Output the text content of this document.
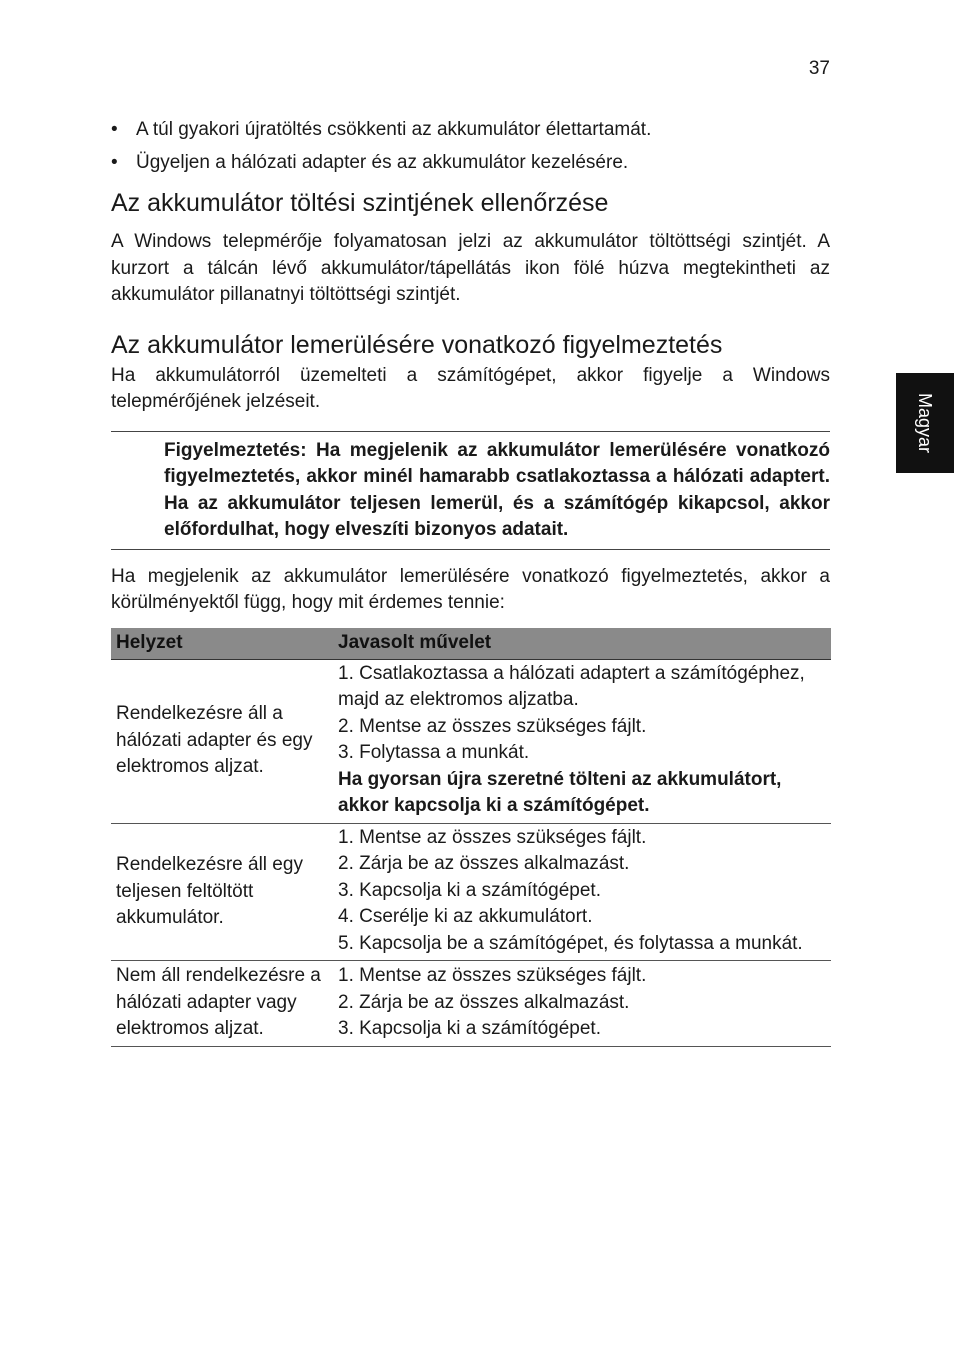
37
Magyar
• A túl gyakori újratöltés csökkenti az akkumulátor élettartamát.
• Ügyeljen a hálózati adapter és az akkumulátor kezelésére.
Az akkumulátor töltési szintjének ellenőrzése

A Windows telepmérője folyamatosan jelzi az akkumulátor töltöttségi szintjét. A kurzort a tálcán lévő akkumulátor/tápellátás ikon fölé húzva megtekintheti az akkumulátor pillanatnyi töltöttségi szintjét.

Az akkumulátor lemerülésére vonatkozó figyelmeztetés

Ha akkumulátorról üzemelteti a számítógépet, akkor figyelje a Windows telepmérőjének jelzéseit.

Figyelmeztetés: Ha megjelenik az akkumulátor lemerülésére vonatkozó figyelmeztetés, akkor minél hamarabb csatlakoztassa a hálózati adaptert. Ha az akkumulátor teljesen lemerül, és a számítógép kikapcsol, akkor előfordulhat, hogy elveszíti bizonyos adatait.

Ha megjelenik az akkumulátor lemerülésére vonatkozó figyelmeztetés, akkor a körülményektől függ, hogy mit érdemes tennie:

Helyzet	Javasolt művelet
Rendelkezésre áll a hálózati adapter és egy elektromos aljzat.	1. Csatlakoztassa a hálózati adaptert a számítógéphez, majd az elektromos aljzatba.
2. Mentse az összes szükséges fájlt.
3. Folytassa a munkát.
Ha gyorsan újra szeretné tölteni az akkumulátort, akkor kapcsolja ki a számítógépet.

Rendelkezésre áll egy teljesen feltöltött akkumulátor.	1. Mentse az összes szükséges fájlt.
2. Zárja be az összes alkalmazást.
3. Kapcsolja ki a számítógépet.
4. Cserélje ki az akkumulátort.
5. Kapcsolja be a számítógépet, és folytassa a munkát.

Nem áll rendelkezésre a hálózati adapter vagy elektromos aljzat.	1. Mentse az összes szükséges fájlt.
2. Zárja be az összes alkalmazást.
3. Kapcsolja ki a számítógépet.
